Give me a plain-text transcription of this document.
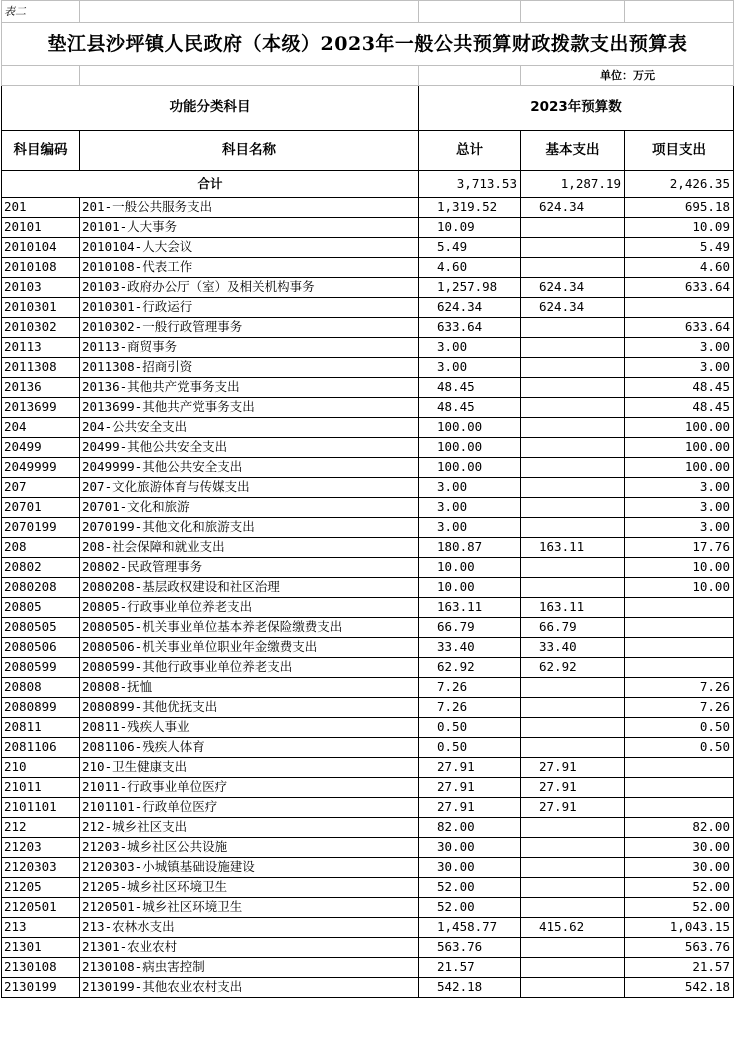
表二				
垫江县沙坪镇人民政府（本级）2023年一般公共预算财政拨款支出预算表				
			单位：万元	
功能分类科目		2023年预算数		
科目编码	科目名称	总计	基本支出	项目支出
合计		3,713.53	1,287.19	2,426.35
201	201-一般公共服务支出	1,319.52	624.34	695.18
20101	20101-人大事务	10.09		10.09
2010104	2010104-人大会议	5.49		5.49
2010108	2010108-代表工作	4.60		4.60
20103	20103-政府办公厅（室）及相关机构事务	1,257.98	624.34	633.64
2010301	2010301-行政运行	624.34	624.34	
2010302	2010302-一般行政管理事务	633.64		633.64
20113	20113-商贸事务	3.00		3.00
2011308	2011308-招商引资	3.00		3.00
20136	20136-其他共产党事务支出	48.45		48.45
2013699	2013699-其他共产党事务支出	48.45		48.45
204	204-公共安全支出	100.00		100.00
20499	20499-其他公共安全支出	100.00		100.00
2049999	2049999-其他公共安全支出	100.00		100.00
207	207-文化旅游体育与传媒支出	3.00		3.00
20701	20701-文化和旅游	3.00		3.00
2070199	2070199-其他文化和旅游支出	3.00		3.00
208	208-社会保障和就业支出	180.87	163.11	17.76
20802	20802-民政管理事务	10.00		10.00
2080208	2080208-基层政权建设和社区治理	10.00		10.00
20805	20805-行政事业单位养老支出	163.11	163.11	
2080505	2080505-机关事业单位基本养老保险缴费支出	66.79	66.79	
2080506	2080506-机关事业单位职业年金缴费支出	33.40	33.40	
2080599	2080599-其他行政事业单位养老支出	62.92	62.92	
20808	20808-抚恤	7.26		7.26
2080899	2080899-其他优抚支出	7.26		7.26
20811	20811-残疾人事业	0.50		0.50
2081106	2081106-残疾人体育	0.50		0.50
210	210-卫生健康支出	27.91	27.91	
21011	21011-行政事业单位医疗	27.91	27.91	
2101101	2101101-行政单位医疗	27.91	27.91	
212	212-城乡社区支出	82.00		82.00
21203	21203-城乡社区公共设施	30.00		30.00
2120303	2120303-小城镇基础设施建设	30.00		30.00
21205	21205-城乡社区环境卫生	52.00		52.00
2120501	2120501-城乡社区环境卫生	52.00		52.00
213	213-农林水支出	1,458.77	415.62	1,043.15
21301	21301-农业农村	563.76		563.76
2130108	2130108-病虫害控制	21.57		21.57
2130199	2130199-其他农业农村支出	542.18		542.18
